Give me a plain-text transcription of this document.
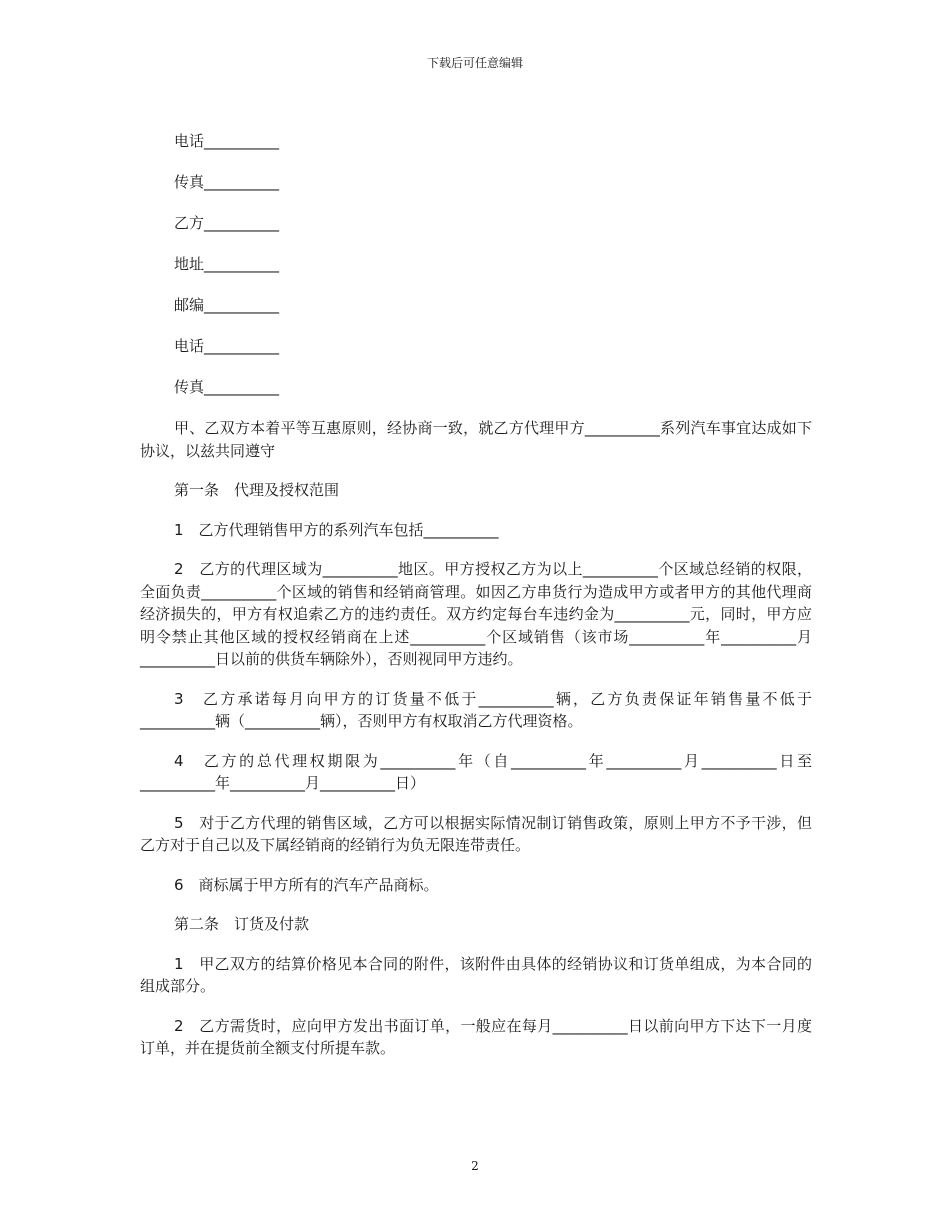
下载后可任意编辑
电话__________
传真__________
乙方__________
地址__________
邮编__________
电话__________
传真__________

甲、乙双方本着平等互惠原则，经协商一致，就乙方代理甲方__________系列汽车事宜达成如下协议，以兹共同遵守

第一条　代理及授权范围

1　乙方代理销售甲方的系列汽车包括__________

2　乙方的代理区域为__________地区。甲方授权乙方为以上__________个区域总经销的权限，全面负责__________个区域的销售和经销商管理。如因乙方串货行为造成甲方或者甲方的其他代理商经济损失的，甲方有权追索乙方的违约责任。双方约定每台车违约金为__________元，同时，甲方应明令禁止其他区域的授权经销商在上述__________个区域销售（该市场__________年__________月__________日以前的供货车辆除外），否则视同甲方违约。

3　乙方承诺每月向甲方的订货量不低于__________辆，乙方负责保证年销售量不低于__________辆（__________辆），否则甲方有权取消乙方代理资格。

4　乙方的总代理权期限为__________年（自__________年__________月__________日至__________年__________月__________日）

5　对于乙方代理的销售区域，乙方可以根据实际情况制订销售政策，原则上甲方不予干涉，但乙方对于自己以及下属经销商的经销行为负无限连带责任。

6　商标属于甲方所有的汽车产品商标。

第二条　订货及付款

1　甲乙双方的结算价格见本合同的附件，该附件由具体的经销协议和订货单组成，为本合同的组成部分。

2　乙方需货时，应向甲方发出书面订单，一般应在每月__________日以前向甲方下达下一月度订单，并在提货前全额支付所提车款。

2
